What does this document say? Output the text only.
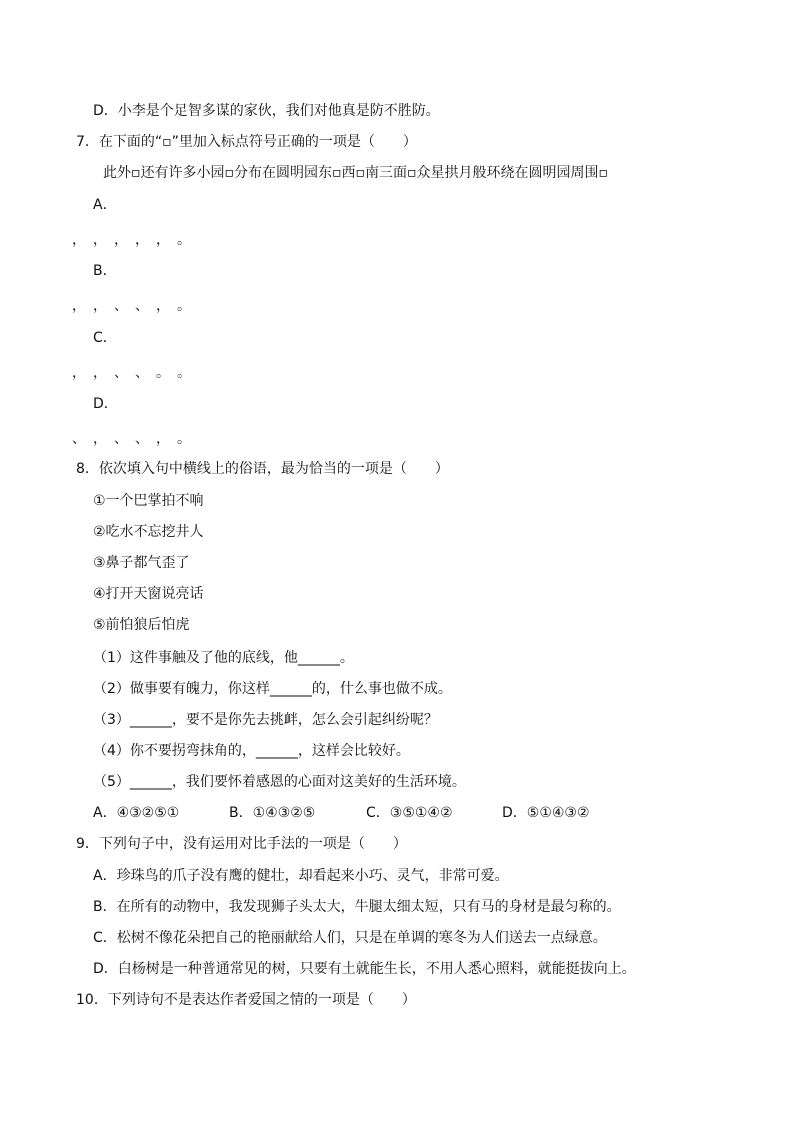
D．小李是个足智多谋的家伙，我们对他真是防不胜防。
7．在下面的“▫”里加入标点符号正确的一项是（　　）
此外▫还有许多小园▫分布在圆明园东▫西▫南三面▫众星拱月般环绕在圆明园周围▫
A．
，　，　，　，　，　。
B．
，　，　、　、　，　。
C．
，　，　、　、　。　。
D．
、　，　、　、　，　。
8．依次填入句中横线上的俗语，最为恰当的一项是（　　）
①一个巴掌拍不响
②吃水不忘挖井人
③鼻子都气歪了
④打开天窗说亮话
⑤前怕狼后怕虎
（1）这件事触及了他的底线，他______。
（2）做事要有魄力，你这样______的，什么事也做不成。
（3）______，要不是你先去挑衅，怎么会引起纠纷呢？
（4）你不要拐弯抹角的，______，这样会比较好。
（5）______，我们要怀着感恩的心面对这美好的生活环境。
A．④③②⑤①	B．①④③②⑤	C．③⑤①④②	D．⑤①④③②
9．下列句子中，没有运用对比手法的一项是（　　）
A．珍珠鸟的爪子没有鹰的健壮，却看起来小巧、灵气，非常可爱。
B．在所有的动物中，我发现狮子头太大，牛腿太细太短，只有马的身材是最匀称的。
C．松树不像花朵把自己的艳丽献给人们，只是在单调的寒冬为人们送去一点绿意。
D．白杨树是一种普通常见的树，只要有土就能生长，不用人悉心照料，就能挺拔向上。
10．下列诗句不是表达作者爱国之情的一项是（　　）
